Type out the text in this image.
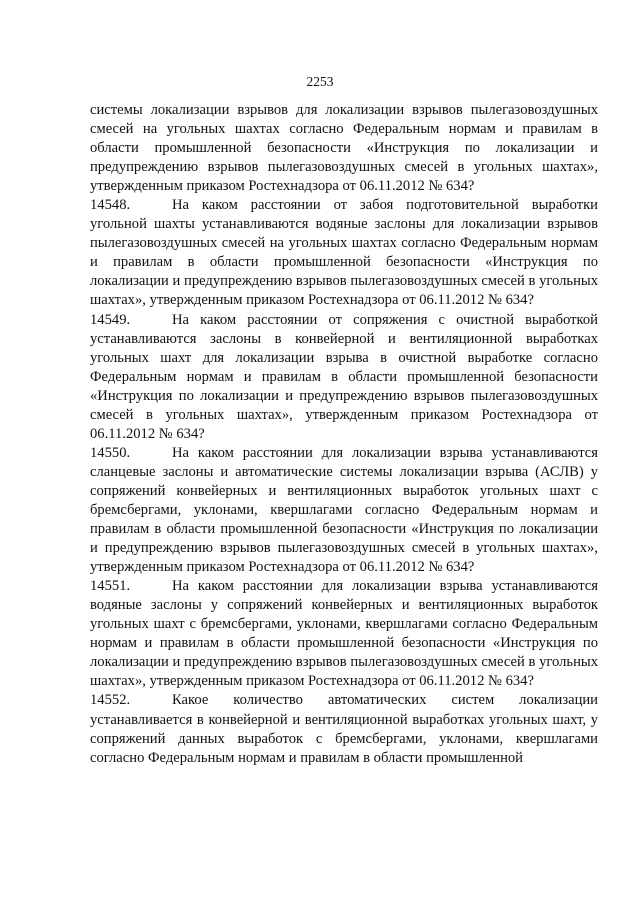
2253

системы локализации взрывов для локализации взрывов пылегазовоздушных смесей на угольных шахтах согласно Федеральным нормам и правилам в области промышленной безопасности «Инструкция по локализации и предупреждению взрывов пылегазовоздушных смесей в угольных шахтах», утвержденным приказом Ростехнадзора от 06.11.2012 № 634?

14548.	На каком расстоянии от забоя подготовительной выработки угольной шахты устанавливаются водяные заслоны для локализации взрывов пылегазовоздушных смесей на угольных шахтах согласно Федеральным нормам и правилам в области промышленной безопасности «Инструкция по локализации и предупреждению взрывов пылегазовоздушных смесей в угольных шахтах», утвержденным приказом Ростехнадзора от 06.11.2012 № 634?

14549.	На каком расстоянии от сопряжения с очистной выработкой устанавливаются заслоны в конвейерной и вентиляционной выработках угольных шахт для локализации взрыва в очистной выработке согласно Федеральным нормам и правилам в области промышленной безопасности «Инструкция по локализации и предупреждению взрывов пылегазовоздушных смесей в угольных шахтах», утвержденным приказом Ростехнадзора от 06.11.2012 № 634?

14550.	На каком расстоянии для локализации взрыва устанавливаются сланцевые заслоны и автоматические системы локализации взрыва (АСЛВ) у сопряжений конвейерных и вентиляционных выработок угольных шахт с бремсбергами, уклонами, квершлагами согласно Федеральным нормам и правилам в области промышленной безопасности «Инструкция по локализации и предупреждению взрывов пылегазовоздушных смесей в угольных шахтах», утвержденным приказом Ростехнадзора от 06.11.2012 № 634?

14551.	На каком расстоянии для локализации взрыва устанавливаются водяные заслоны у сопряжений конвейерных и вентиляционных выработок угольных шахт с бремсбергами, уклонами, квершлагами согласно Федеральным нормам и правилам в области промышленной безопасности «Инструкция по локализации и предупреждению взрывов пылегазовоздушных смесей в угольных шахтах», утвержденным приказом Ростехнадзора от 06.11.2012 № 634?

14552.	Какое количество автоматических систем локализации устанавливается в конвейерной и вентиляционной выработках угольных шахт, у сопряжений данных выработок с бремсбергами, уклонами, квершлагами согласно Федеральным нормам и правилам в области промышленной
